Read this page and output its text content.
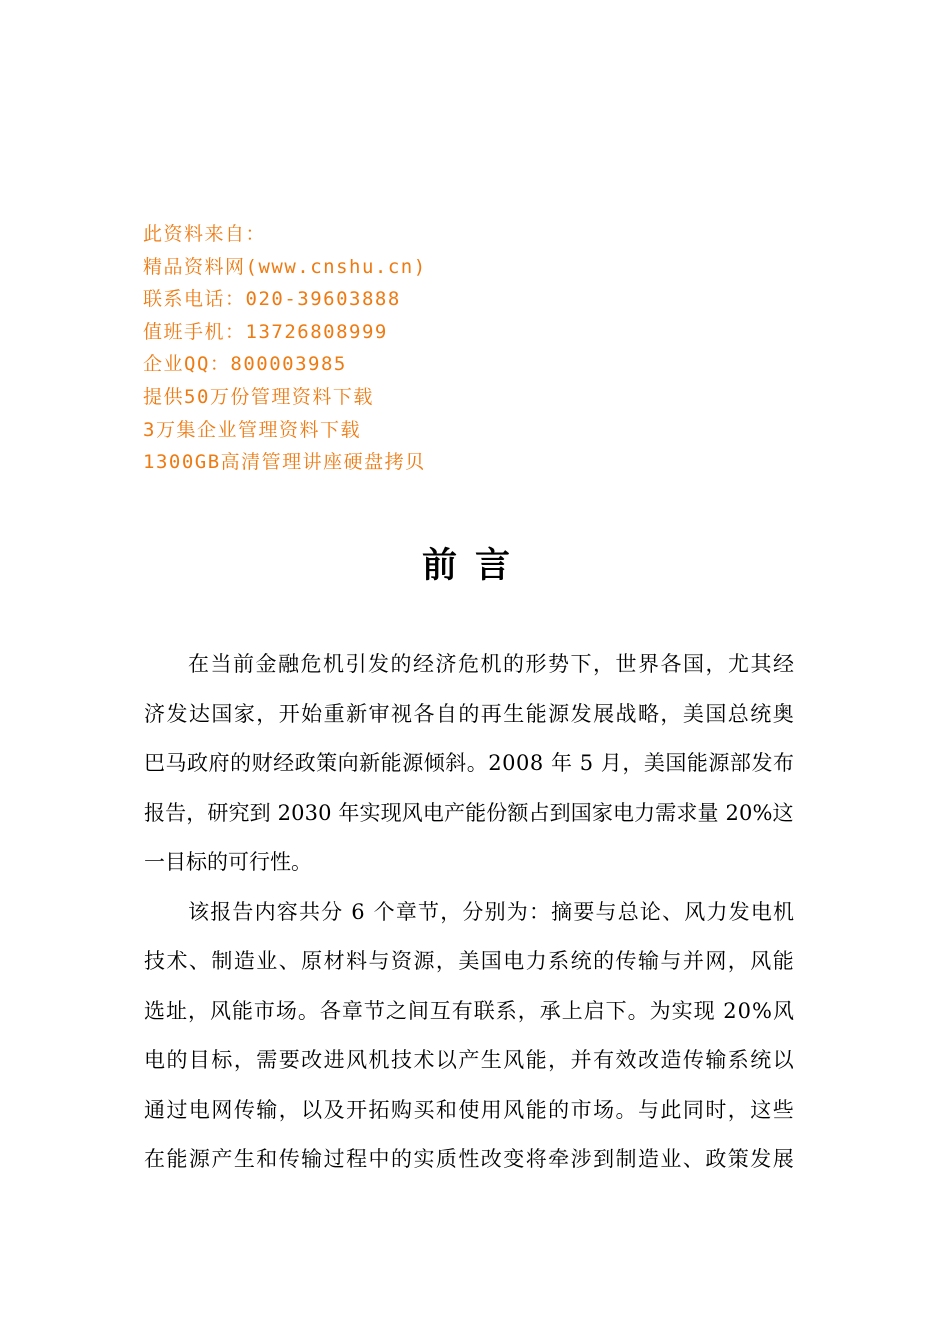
此资料来自：
精品资料网(www.cnshu.cn)
联系电话：020-39603888
值班手机：13726808999
企业QQ：800003985
提供50万份管理资料下载
3万集企业管理资料下载
1300GB高清管理讲座硬盘拷贝
前言
在 当 前 金 融 危 机 引 发 的 经 济 危 机 的 形 势 下 ， 世 界 各 国 ， 尤 其 经
济 发 达 国 家 ， 开 始 重 新 审 视 各 自 的 再 生 能 源 发 展 战 略 ， 美 国 总 统 奥
巴 马 政 府 的 财 经 政 策 向 新 能 源 倾 斜 。 2 0 0 8
年
5
月 ， 美 国 能 源 部 发 布
报 告 ， 研 究 到
2 0 3 0
年 实 现 风 电 产 能 份 额 占 到 国 家 电 力 需 求 量
2 0 % 这
一目标的可行性。
该 报 告 内 容 共 分
6
个 章 节 ， 分 别 为 ： 摘 要 与 总 论 、 风 力 发 电 机
技 术 、 制 造 业 、 原 材 料 与 资 源 ， 美 国 电 力 系 统 的 传 输 与 并 网 ， 风 能
选 址 ， 风 能 市 场 。 各 章 节 之 间 互 有 联 系 ， 承 上 启 下 。 为 实 现
2 0 % 风
电 的 目 标 ， 需 要 改 进 风 机 技 术 以 产 生 风 能 ， 并 有 效 改 造 传 输 系 统 以
通 过 电 网 传 输 ， 以 及 开 拓 购 买 和 使 用 风 能 的 市 场 。 与 此 同 时 ， 这 些
在 能 源 产 生 和 传 输 过 程 中 的 实 质 性 改 变 将 牵 涉 到 制 造 业 、 政 策 发 展
